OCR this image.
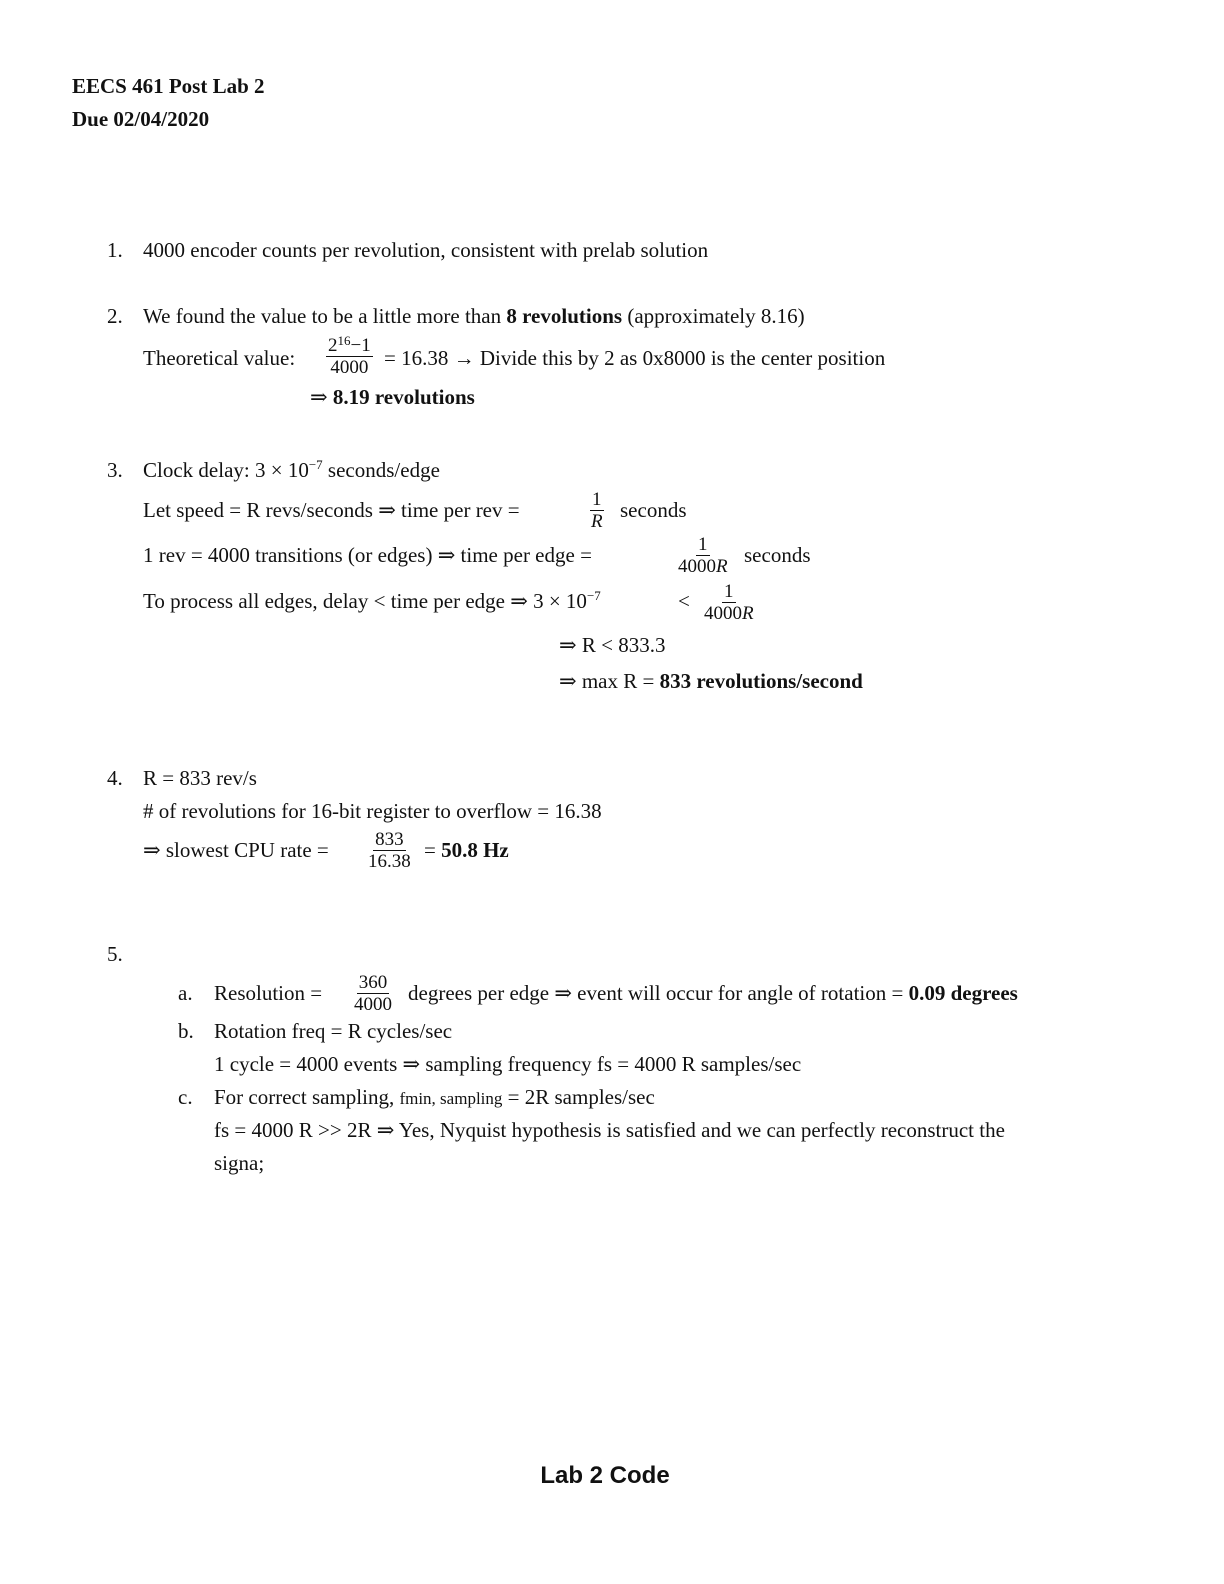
EECS 461 Post Lab 2
Due 02/04/2020
1. 4000 encoder counts per revolution, consistent with prelab solution
2. We found the value to be a little more than 8 revolutions (approximately 8.16)
Theoretical value: $\frac{2^{16}-1}{4000} = 16.38$ → Divide this by 2 as 0x8000 is the center position
⇒ 8.19 revolutions
3. Clock delay: $3 \times 10^{-7}$ seconds/edge
Let speed = R revs/seconds ⇒ time per rev =	$\frac{1}{R}$ seconds
1 rev = 4000 transitions (or edges) ⇒ time per edge =	$\frac{1}{4000R}$ seconds
To process all edges, delay < time per edge ⇒ $3 \times 10^{-7}$	< $\frac{1}{4000R}$
⇒ R < 833.3
⇒ max R = 833 revolutions/second
4. R = 833 rev/s
# of revolutions for 16-bit register to overflow = 16.38
⇒ slowest CPU rate = $\frac{833}{16.38} = 50.8$ Hz
5.
a. Resolution = $\frac{360}{4000}$ degrees per edge ⇒ event will occur for angle of rotation = 0.09 degrees
b. Rotation freq = R cycles/sec
1 cycle = 4000 events ⇒ sampling frequency fs = 4000 R samples/sec
c. For correct sampling, fmin, sampling = 2R samples/sec
fs = 4000 R >> 2R ⇒ Yes, Nyquist hypothesis is satisfied and we can perfectly reconstruct the
signa;
Lab 2 Code
